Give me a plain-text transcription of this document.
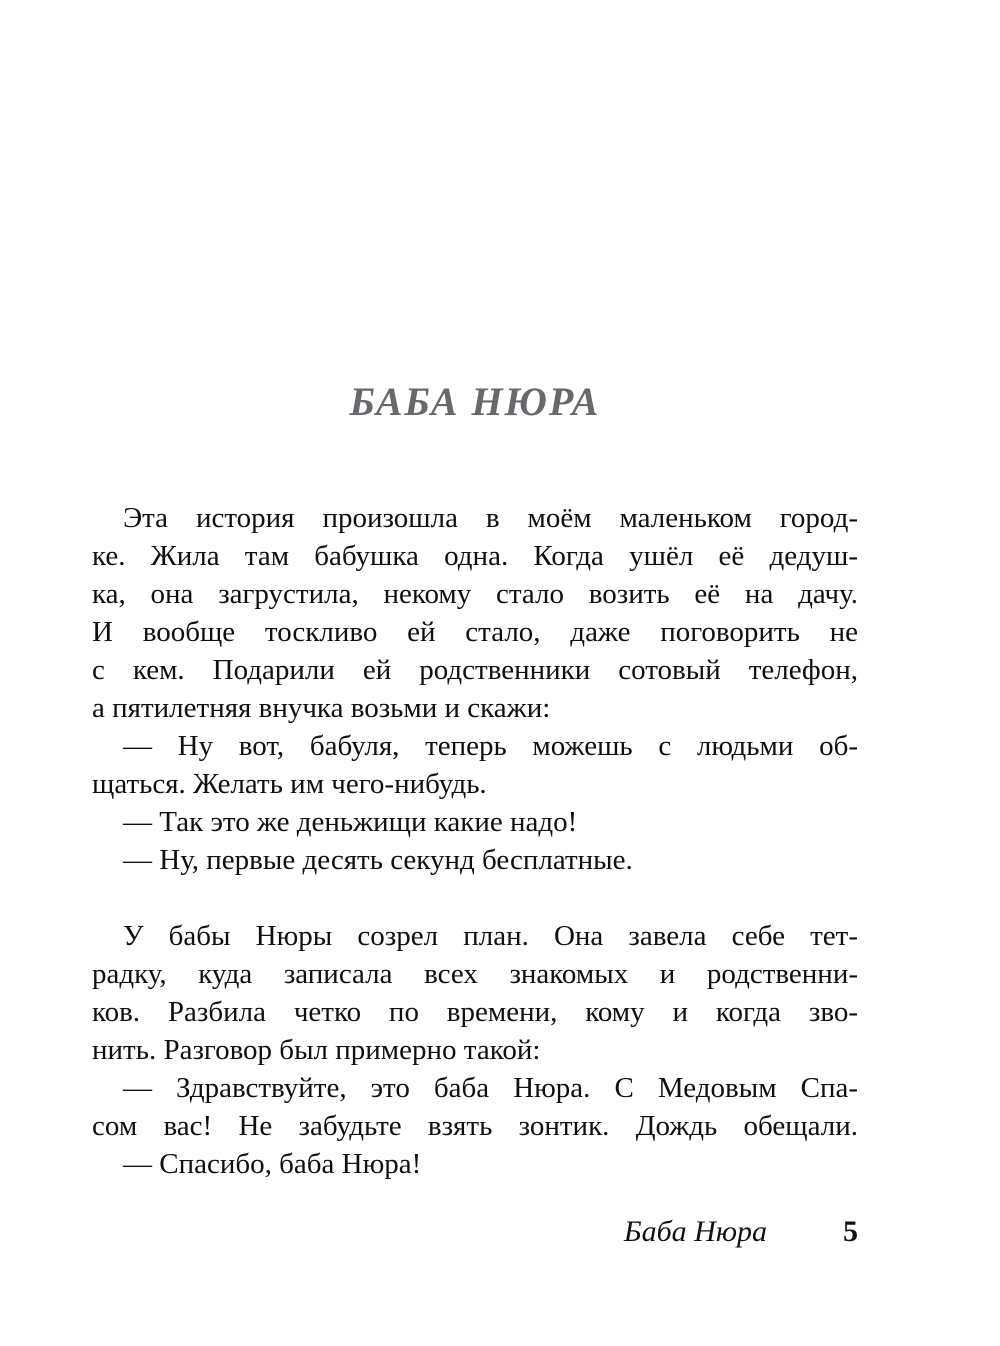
БАБА НЮРА
Эта история произошла в моём маленьком город-
ке. Жила там бабушка одна. Когда ушёл её дедуш-
ка, она загрустила, некому стало возить её на дачу.
И вообще тоскливо ей стало, даже поговорить не
с кем. Подарили ей родственники сотовый телефон,
а пятилетняя внучка возьми и скажи:
— Ну вот, бабуля, теперь можешь с людьми об-
щаться. Желать им чего-нибудь.
— Так это же деньжищи какие надо!
— Ну, первые десять секунд бесплатные.
У бабы Нюры созрел план. Она завела себе тет-
радку, куда записала всех знакомых и родственни-
ков. Разбила четко по времени, кому и когда зво-
нить. Разговор был примерно такой:
— Здравствуйте, это баба Нюра. С Медовым Спа-
сом вас! Не забудьте взять зонтик. Дождь обещали.
— Спасибо, баба Нюра!
Баба Нюра	5
